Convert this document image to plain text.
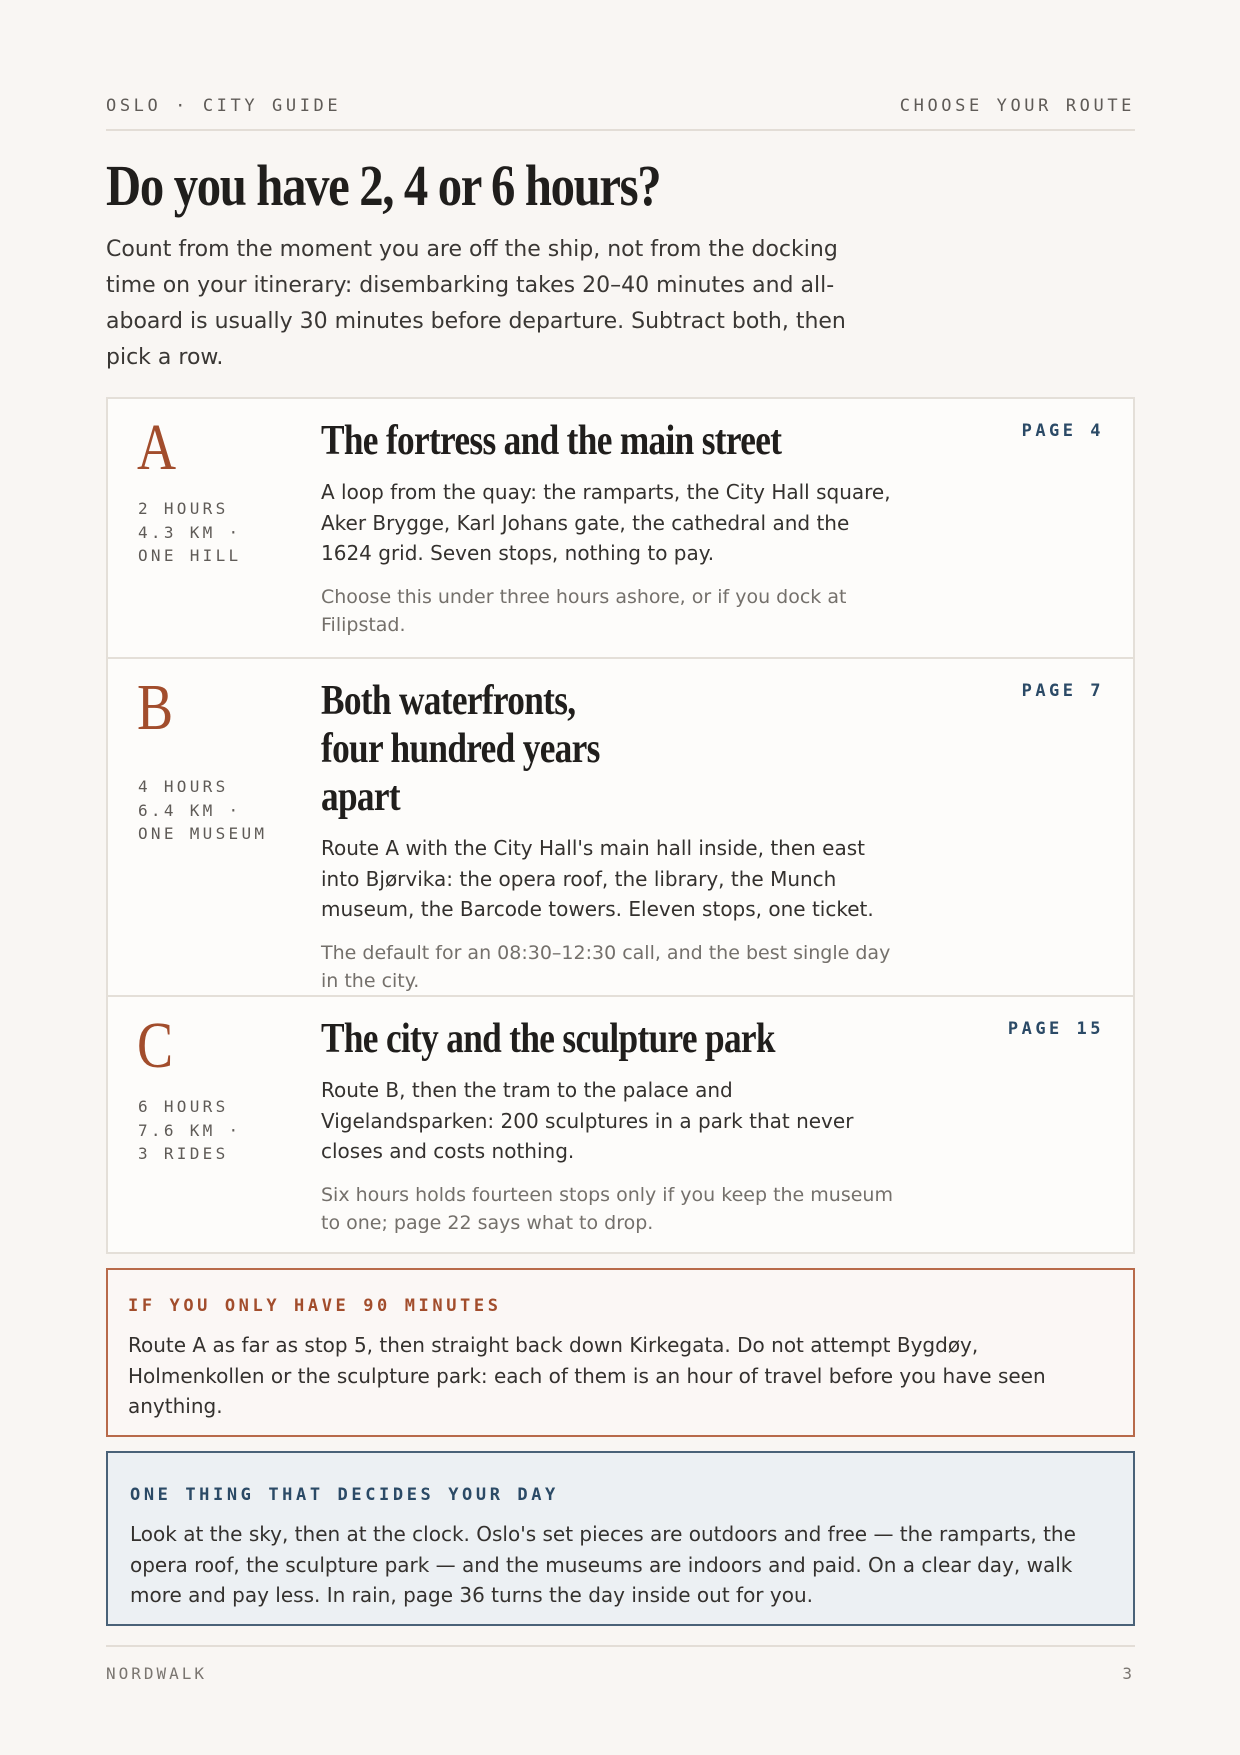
OSLO · CITY GUIDE	CHOOSE YOUR ROUTE
Do you have 2, 4 or 6 hours?

Count from the moment you are off the ship, not from the docking time on your itinerary: disembarking takes 20–40 minutes and all-aboard is usually 30 minutes before departure. Subtract both, then pick a row.

A
2 HOURS
4.3 KM ·
ONE HILL
The fortress and the main street

A loop from the quay: the ramparts, the City Hall square, Aker Brygge, Karl Johans gate, the cathedral and the 1624 grid. Seven stops, nothing to pay.

Choose this under three hours ashore, or if you dock at Filipstad.

PAGE 4
B
4 HOURS
6.4 KM ·
ONE MUSEUM
Both waterfronts, four hundred years apart

Route A with the City Hall's main hall inside, then east into Bjørvika: the opera roof, the library, the Munch museum, the Barcode towers. Eleven stops, one ticket.

The default for an 08:30–12:30 call, and the best single day in the city.

PAGE 7
C
6 HOURS
7.6 KM ·
3 RIDES
The city and the sculpture park

Route B, then the tram to the palace and Vigelandsparken: 200 sculptures in a park that never closes and costs nothing.

Six hours holds fourteen stops only if you keep the museum to one; page 22 says what to drop.

PAGE 15
IF YOU ONLY HAVE 90 MINUTES

Route A as far as stop 5, then straight back down Kirkegata. Do not attempt Bygdøy, Holmenkollen or the sculpture park: each of them is an hour of travel before you have seen anything.

ONE THING THAT DECIDES YOUR DAY

Look at the sky, then at the clock. Oslo's set pieces are outdoors and free — the ramparts, the opera roof, the sculpture park — and the museums are indoors and paid. On a clear day, walk more and pay less. In rain, page 36 turns the day inside out for you.

NORDWALK	3
